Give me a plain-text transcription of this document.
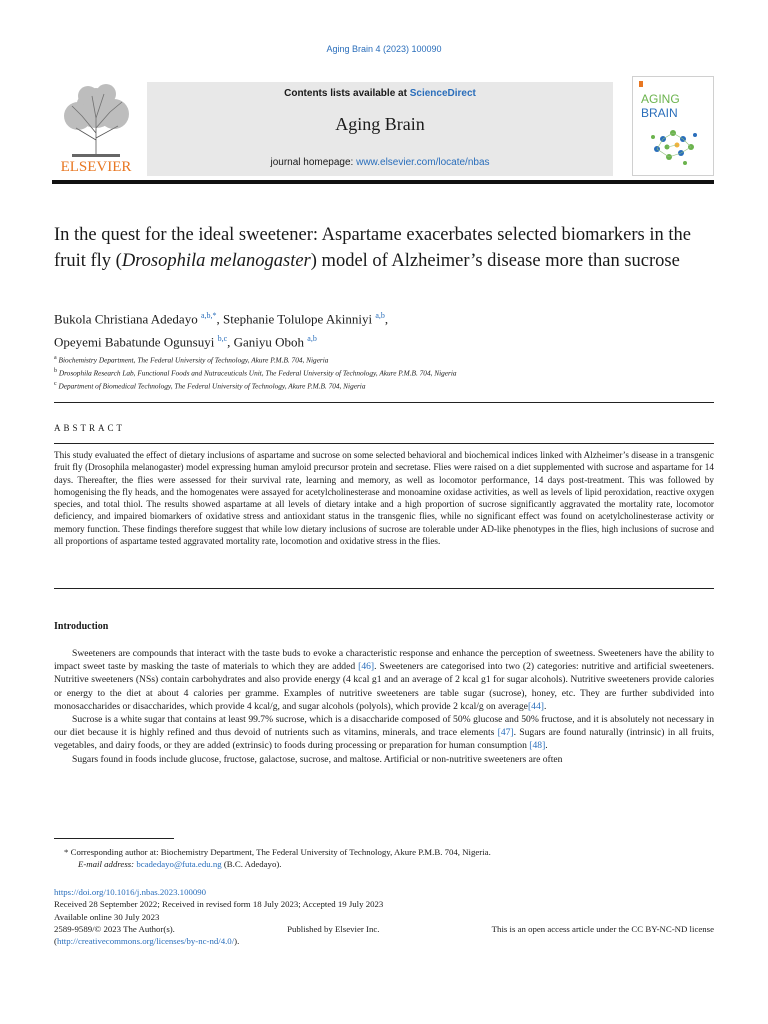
Aging Brain 4 (2023) 100090
ELSEVIER
Contents lists available at ScienceDirect
Aging Brain
journal homepage: www.elsevier.com/locate/nbas
AGING
BRAIN
In the quest for the ideal sweetener: Aspartame exacerbates selected biomarkers in the fruit fly (Drosophila melanogaster) model of Alzheimer’s disease more than sucrose
Bukola Christiana Adedayo $^{a,b,*}$, Stephanie Tolulope Akinniyi $^{a,b}$,
Opeyemi Babatunde Ogunsuyi $^{b,c}$, Ganiyu Oboh $^{a,b}$
$^a$ Biochemistry Department, The Federal University of Technology, Akure P.M.B. 704, Nigeria
$^b$ Drosophila Research Lab, Functional Foods and Nutraceuticals Unit, The Federal University of Technology, Akure P.M.B. 704, Nigeria
$^c$ Department of Biomedical Technology, The Federal University of Technology, Akure P.M.B. 704, Nigeria
ABSTRACT
This study evaluated the effect of dietary inclusions of aspartame and sucrose on some selected behavioral and biochemical indices linked with Alzheimer’s disease in a transgenic fruit fly (Drosophila melanogaster) model expressing human amyloid precursor protein and secretase. Flies were raised on a diet supplemented with sucrose and aspartame for 14 days. Thereafter, the flies were assessed for their survival rate, learning and memory, as well as locomotor performance, 14 days post-treatment. This was followed by homogenising the fly heads, and the homogenates were assayed for acetylcholinesterase and monoamine oxidase activities, as well as levels of lipid peroxidation, reactive oxygen species, and total thiol. The results showed aspartame at all levels of dietary intake and a high proportion of sucrose significantly aggravated the mortality rate, locomotor deficiency, and impaired biomarkers of oxidative stress and antioxidant status in the transgenic flies, while no significant effect was found on acetylcholinesterase activity or memory function. These findings therefore suggest that while low dietary inclusions of sucrose are tolerable under AD-like phenotypes in the flies, high inclusions of sucrose and all proportions of aspartame tested aggravated mortality rate, locomotion and oxidative stress in the flies.
Introduction

Sweeteners are compounds that interact with the taste buds to evoke a characteristic response and enhance the perception of sweetness. Sweeteners have the ability to impact sweet taste by masking the taste of materials to which they are added [46]. Sweeteners are categorised into two (2) categories: nutritive and artificial sweeteners. Nutritive sweeteners (NSs) contain carbohydrates and also provide energy (4 kcal g1 and an average of 2 kcal g1 for sugar alcohols). Nutritive sweeteners provide calories or energy to the diet at about 4 calories per gramme. Examples of nutritive sweeteners are table sugar (sucrose), honey, etc. They are further subdivided into monosaccharides or disaccharides, which provide 4 kcal/g, and sugar alcohols (polyols), which provide 2 kcal/g on average[44].

Sucrose is a white sugar that contains at least 99.7% sucrose, which is a disaccharide composed of 50% glucose and 50% fructose, and it is absolutely not necessary in our diet because it is highly refined and thus devoid of nutrients such as vitamins, minerals, and trace elements [47]. Sugars are found naturally (intrinsic) in all fruits, vegetables, and dairy foods, or they are added (extrinsic) to foods during processing or preparation for human consumption [48].

Sugars found in foods include glucose, fructose, galactose, sucrose, and maltose. Artificial or non-nutritive sweeteners are often

* Corresponding author at: Biochemistry Department, The Federal University of Technology, Akure P.M.B. 704, Nigeria.
E-mail address: bcadedayo@futa.edu.ng (B.C. Adedayo).
https://doi.org/10.1016/j.nbas.2023.100090
Received 28 September 2022; Received in revised form 18 July 2023; Accepted 19 July 2023
Available online 30 July 2023
2589-9589/© 2023 The Author(s).	Published by Elsevier Inc.	This is an open access article under the CC BY-NC-ND license
(http://creativecommons.org/licenses/by-nc-nd/4.0/).
